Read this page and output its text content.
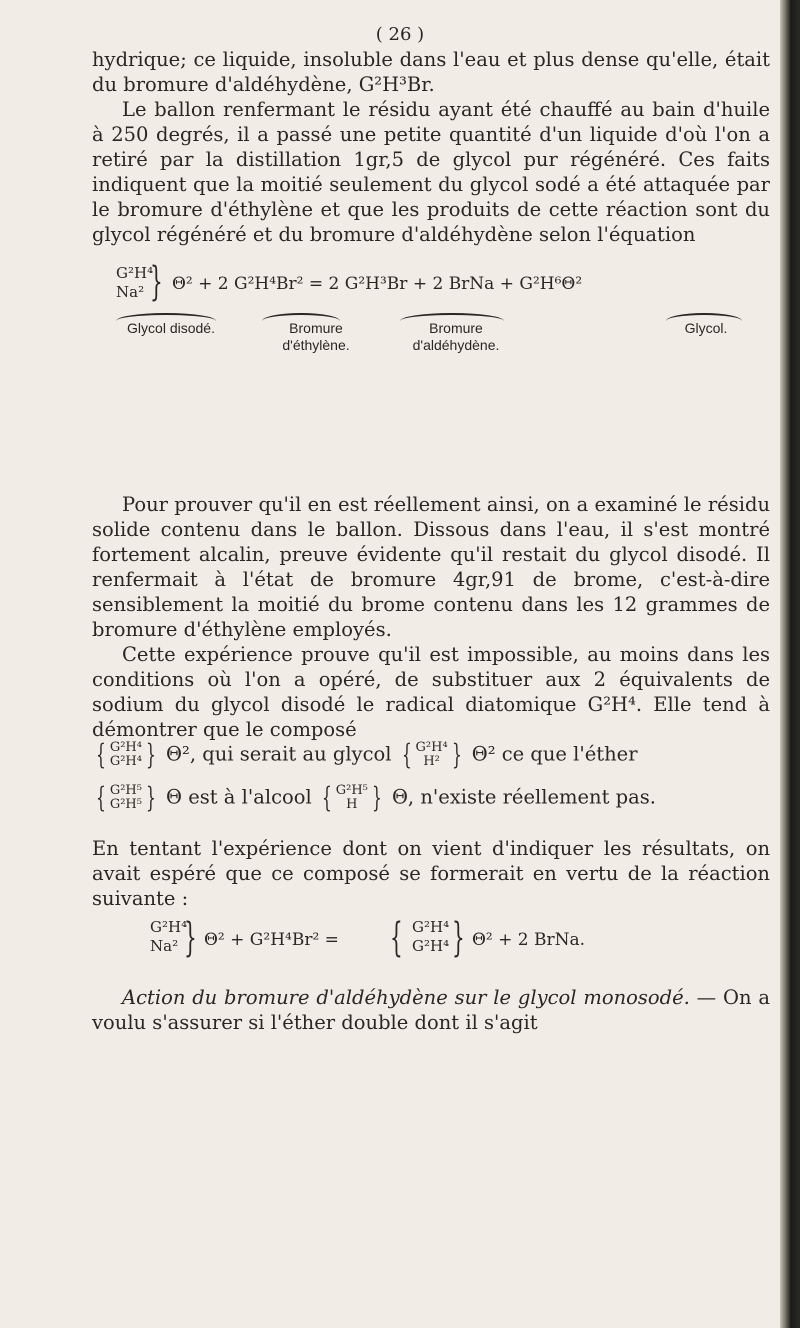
( 26 )

hydrique; ce liquide, insoluble dans l'eau et plus dense qu'elle, était du bromure d'aldéhydène, G²H³Br.

Le ballon renfermant le résidu ayant été chauffé au bain d'huile à 250 degrés, il a passé une petite quantité d'un liquide d'où l'on a retiré par la distillation 1gr,5 de glycol pur régénéré. Ces faits indiquent que la moitié seulement du glycol sodé a été attaquée par le bromure d'éthylène et que les produits de cette réaction sont du glycol régénéré et du bromure d'aldéhydène selon l'équation

G²H⁴
Na² } Θ² + 2 G²H⁴Br² = 2 G²H³Br + 2 BrNa + G²H⁶Θ²
Glycol disodé.	Bromure
d'éthylène.
Bromure
d'aldéhydène.
Glycol.

Pour prouver qu'il en est réellement ainsi, on a examiné le résidu solide contenu dans le ballon. Dissous dans l'eau, il s'est montré fortement alcalin, preuve évidente qu'il restait du glycol disodé. Il renfermait à l'état de bromure 4gr,91 de brome, c'est-à-dire sensiblement la moitié du brome contenu dans les 12 grammes de bromure d'éthylène employés.

Cette expérience prouve qu'il est impossible, au moins dans les conditions où l'on a opéré, de substituer aux 2 équivalents de sodium du glycol disodé le radical diatomique G²H⁴. Elle tend à démontrer que le composé

{ G²H⁴
G²H⁴ } Θ², qui serait au glycol { G²H⁴
H² } Θ² ce que l'éther
{ G²H⁵
G²H⁵ } Θ est à l'alcool { G²H⁵
H } Θ, n'existe réellement pas.

En tentant l'expérience dont on vient d'indiquer les résultats, on avait espéré que ce composé se formerait en vertu de la réaction suivante :

G²H⁴
Na² } Θ² + G²H⁴Br² = { G²H⁴
G²H⁴ } Θ² + 2 BrNa.

Action du bromure d'aldéhydène sur le glycol monosodé. — On a voulu s'assurer si l'éther double dont il s'agit
